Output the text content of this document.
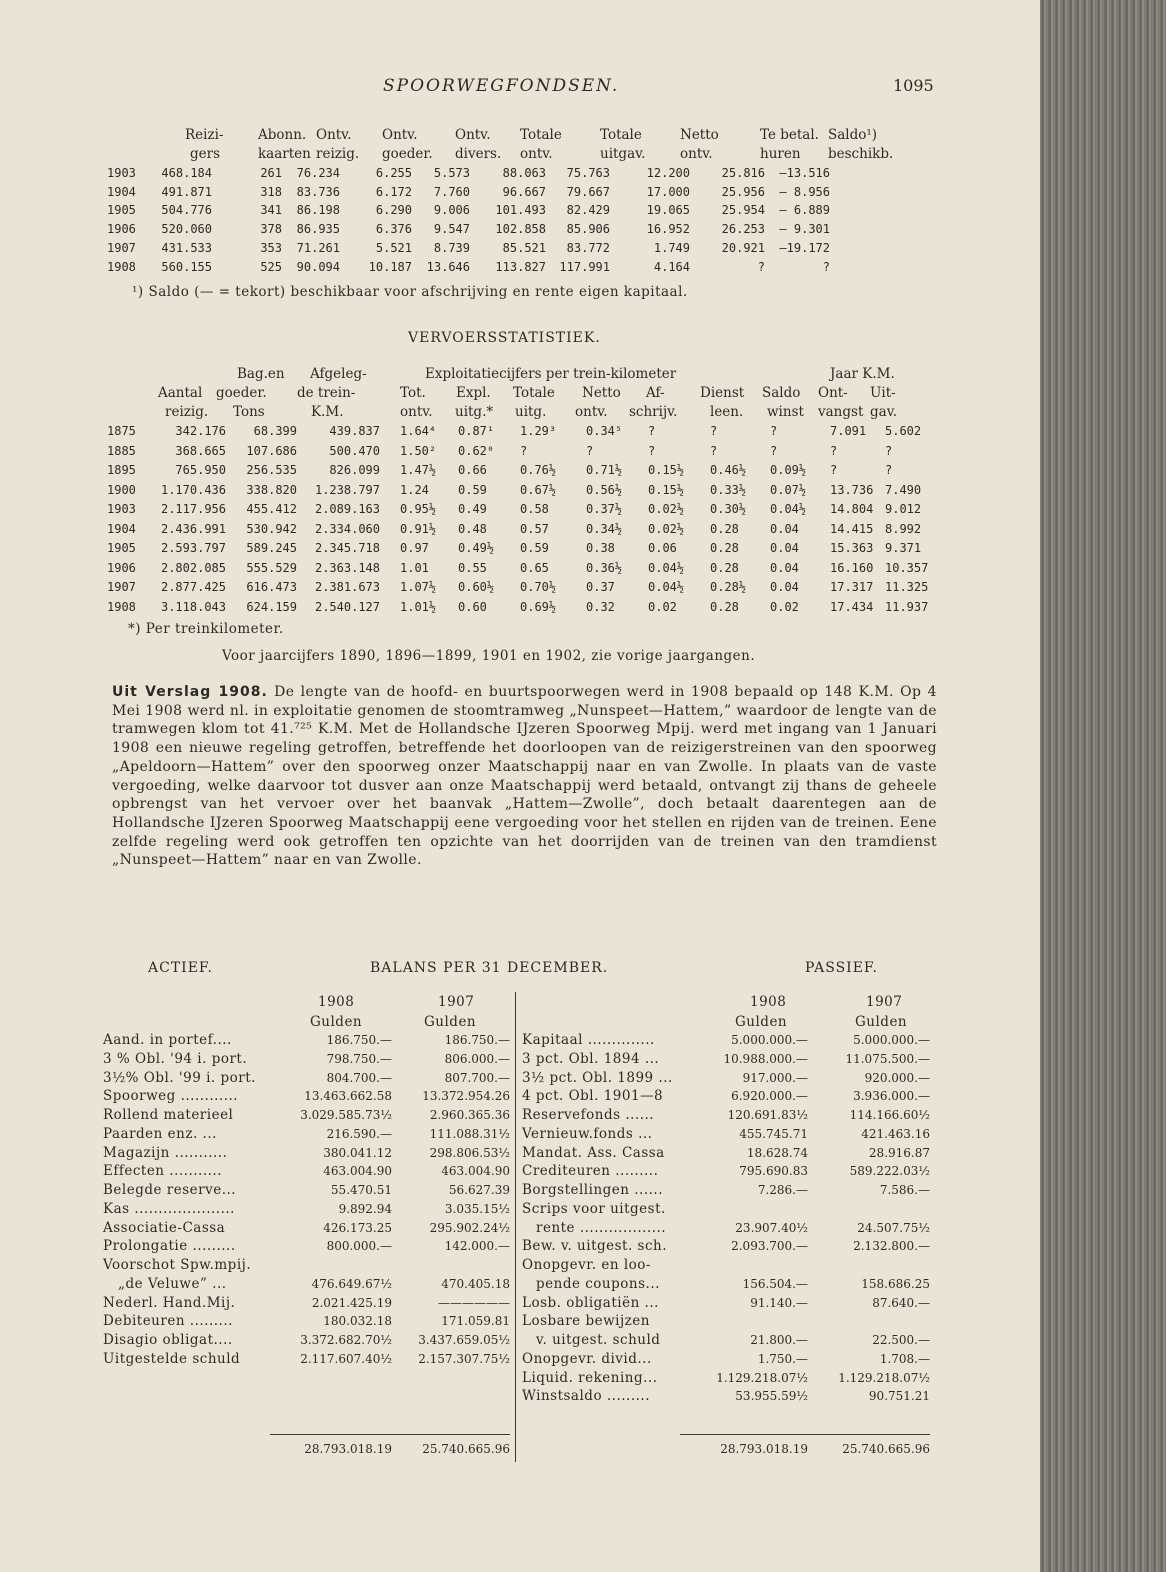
SPOORWEGFONDSEN.	1095
Reizi-	Abonn. Ontv. Ontv.	Ontv. Totale	Totale	Netto	Te betal. Saldo¹)
gers	kaarten reizig. goeder. divers. ontv.	uitgav.	ontv.	huren beschikb.
1903	468.184	261	76.234	6.255	5.573	88.063	75.763	12.200	25.816	—13.516
1904	491.871	318	83.736	6.172	7.760	96.667	79.667	17.000	25.956	— 8.956
1905	504.776	341	86.198	6.290	9.006	101.493	82.429	19.065	25.954	— 6.889
1906	520.060	378	86.935	6.376	9.547	102.858	85.906	16.952	26.253	— 9.301
1907	431.533	353	71.261	5.521	8.739	85.521	83.772	1.749	20.921	—19.172
1908	560.155	525	90.094	10.187	13.646	113.827	117.991	4.164	?	?
¹) Saldo (— = tekort) beschikbaar voor afschrijving en rente eigen kapitaal.
VERVOERSSTATISTIEK.
Bag.en Afgeleg-	Exploitatiecijfers per trein-kilometer	Jaar K.M.
Aantal goeder. de trein-	Tot. Expl. Totale Netto Af-	Dienst Saldo Ont- Uit-
reizig. Tons	K.M.	ontv. uitg.* uitg. ontv. schrijv. leen. winst vangst gav.
1875	342.176	68.399	439.837 1.64⁴	0.87¹	1.29³	0.34⁵	?	?	?	7.091	5.602
1885	368.665	107.686	500.470 1.50²	0.62⁰	?	?	?	?	?	?	?
1895	765.950	256.535	826.099 1.47½	0.66	0.76½	0.71½	0.15½	0.46½	0.09½	?	?
1900	1.170.436	338.820	1.238.797 1.24	0.59	0.67½	0.56½	0.15½	0.33½	0.07½	13.736 7.490
1903	2.117.956	455.412	2.089.163 0.95½	0.49	0.58	0.37½	0.02½	0.30½	0.04½	14.804 9.012
1904	2.436.991	530.942	2.334.060 0.91½	0.48	0.57	0.34½	0.02½	0.28	0.04	14.415 8.992
1905	2.593.797	589.245	2.345.718 0.97	0.49½	0.59	0.38	0.06	0.28	0.04	15.363 9.371
1906	2.802.085	555.529	2.363.148 1.01	0.55	0.65	0.36½	0.04½	0.28	0.04	16.160 10.357
1907	2.877.425	616.473	2.381.673 1.07½	0.60½	0.70½	0.37	0.04½	0.28½	0.04	17.317 11.325
1908	3.118.043	624.159	2.540.127 1.01½	0.60	0.69½	0.32	0.02	0.28	0.02	17.434 11.937
*) Per treinkilometer.
Voor jaarcijfers 1890, 1896—1899, 1901 en 1902, zie vorige jaargangen.
Uit Verslag 1908. De lengte van de hoofd- en buurtspoorwegen werd in 1908 bepaald op 148 K.M. Op 4 Mei 1908 werd nl. in exploitatie genomen de stoomtramweg „Nunspeet—Hattem,” waardoor de lengte van de tramwegen klom tot 41.⁷²⁵ K.M. Met de Hollandsche IJzeren Spoorweg Mpij. werd met ingang van 1 Januari 1908 een nieuwe regeling getroffen, betreffende het doorloopen van de reizigerstreinen van den spoorweg „Apeldoorn—Hattem” over den spoorweg onzer Maatschappij naar en van Zwolle. In plaats van de vaste vergoeding, welke daarvoor tot dusver aan onze Maatschappij werd betaald, ontvangt zij thans de geheele opbrengst van het vervoer over het baanvak „Hattem—Zwolle”, doch betaalt daarentegen aan de Hollandsche IJzeren Spoorweg Maatschappij eene vergoeding voor het stellen en rijden van de treinen. Eene zelfde regeling werd ook getroffen ten opzichte van het doorrijden van de treinen van den tramdienst „Nunspeet—Hattem” naar en van Zwolle.
ACTIEF.	BALANS PER 31 DECEMBER.	PASSIEF.
1908	1907
Gulden	Gulden
1908	1907
Gulden	Gulden
Aand. in portef....	186.750.—	186.750.—
3 % Obl. '94 i. port.	798.750.—	806.000.—
3½% Obl. '99 i. port.	804.700.—	807.700.—
Spoorweg ............	13.463.662.58	13.372.954.26
Rollend materieel	3.029.585.73½	2.960.365.36
Paarden enz. ...	216.590.—	111.088.31½
Magazijn ...........	380.041.12	298.806.53½
Effecten ...........	463.004.90	463.004.90
Belegde reserve...	55.470.51	56.627.39
Kas .....................	9.892.94	3.035.15½
Associatie-Cassa	426.173.25	295.902.24½
Prolongatie .........	800.000.—	142.000.—
Voorschot Spw.mpij.
„de Veluwe” ...	476.649.67½	470.405.18
Nederl. Hand.Mij.	2.021.425.19	——————
Debiteuren .........	180.032.18	171.059.81
Disagio obligat....	3.372.682.70½	3.437.659.05½
Uitgestelde schuld	2.117.607.40½	2.157.307.75½
Kapitaal ..............	5.000.000.—	5.000.000.—
3 pct. Obl. 1894 ...	10.988.000.—	11.075.500.—
3½ pct. Obl. 1899 ...	917.000.—	920.000.—
4 pct. Obl. 1901—8	6.920.000.—	3.936.000.—
Reservefonds ......	120.691.83½	114.166.60½
Vernieuw.fonds ...	455.745.71	421.463.16
Mandat. Ass. Cassa	18.628.74	28.916.87
Crediteuren .........	795.690.83	589.222.03½
Borgstellingen ......	7.286.—	7.586.—
Scrips voor uitgest.
rente ..................	23.907.40½	24.507.75½
Bew. v. uitgest. sch.	2.093.700.—	2.132.800.—
Onopgevr. en loo-
pende coupons...	156.504.—	158.686.25
Losb. obligatiën ...	91.140.—	87.640.—
Losbare bewijzen
v. uitgest. schuld	21.800.—	22.500.—
Onopgevr. divid...	1.750.—	1.708.—
Liquid. rekening...	1.129.218.07½	1.129.218.07½
Winstsaldo .........	53.955.59½	90.751.21
28.793.018.19	25.740.665.96	28.793.018.19	25.740.665.96
